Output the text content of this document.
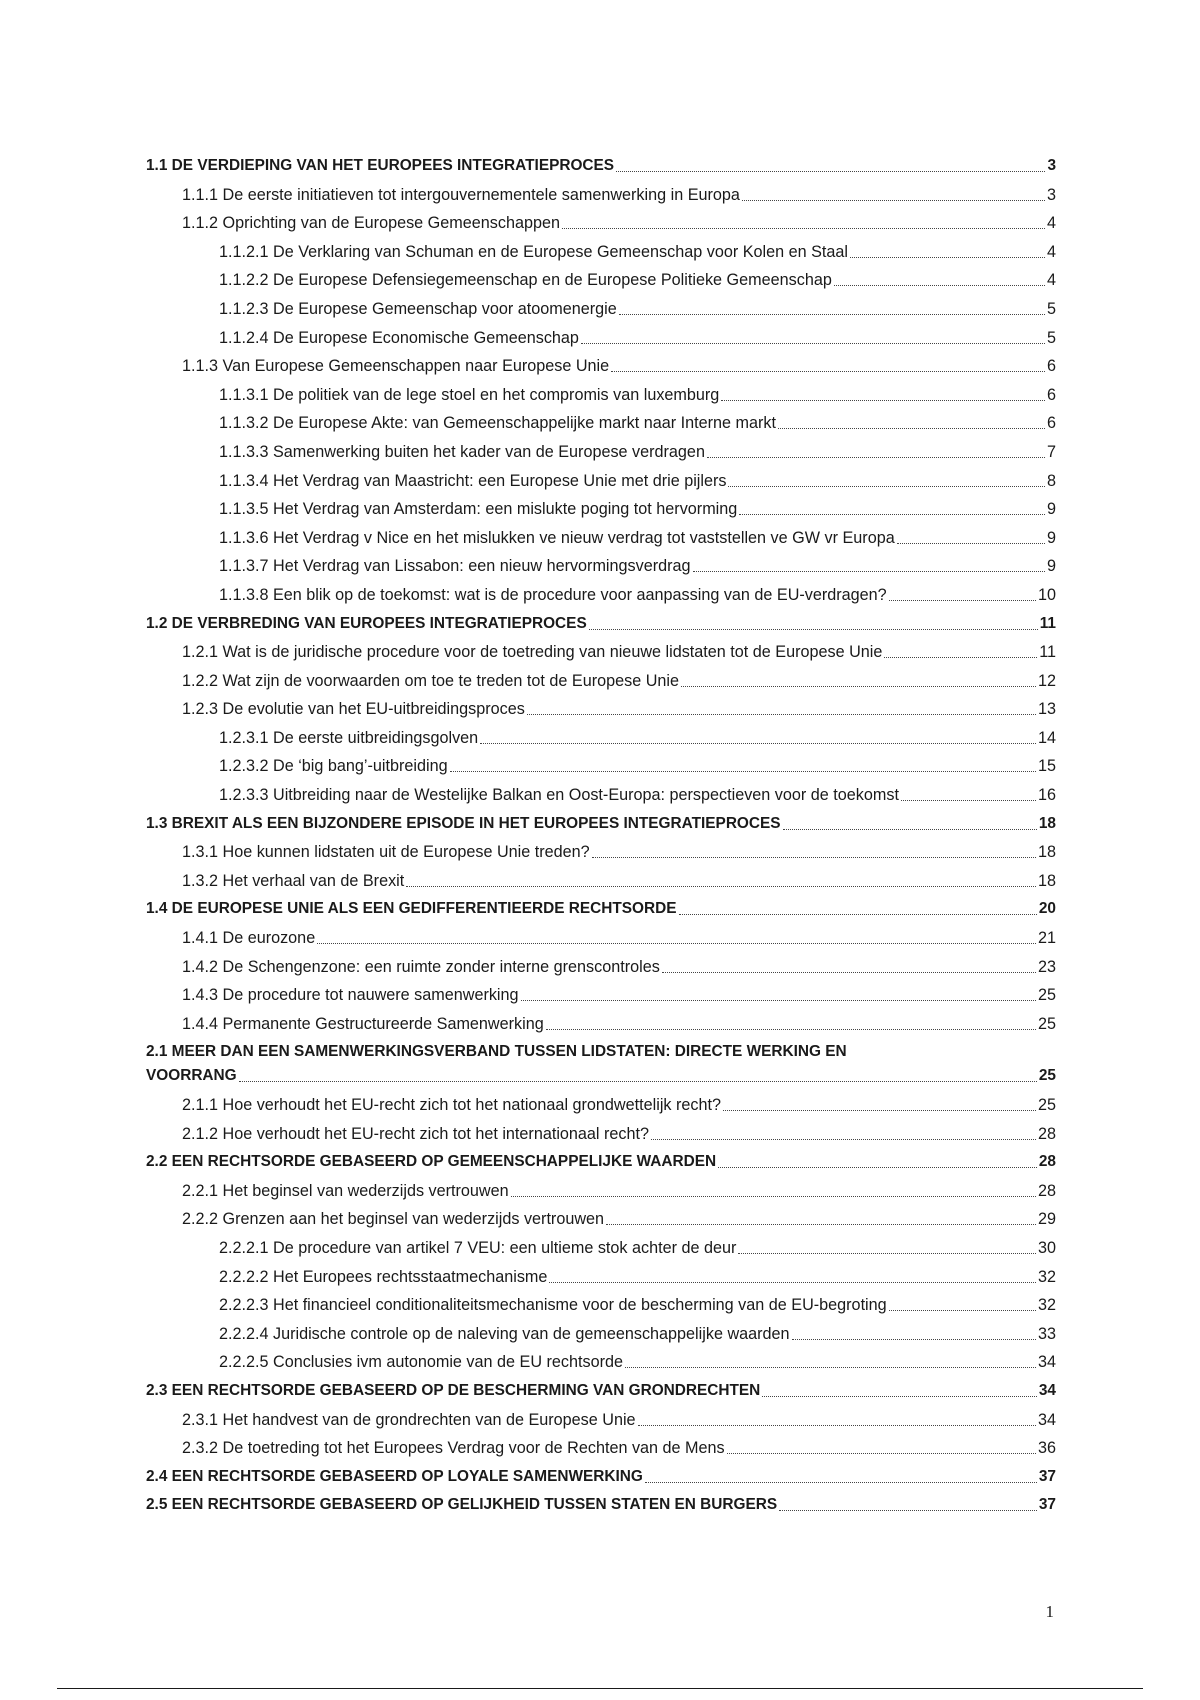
1.1 DE VERDIEPING VAN HET EUROPEES INTEGRATIEPROCES	3
1.1.1 De eerste initiatieven tot intergouvernementele samenwerking in Europa	3
1.1.2 Oprichting van de Europese Gemeenschappen	4
1.1.2.1 De Verklaring van Schuman en de Europese Gemeenschap voor Kolen en Staal	4
1.1.2.2 De Europese Defensiegemeenschap en de Europese Politieke Gemeenschap	4
1.1.2.3 De Europese Gemeenschap voor atoomenergie	5
1.1.2.4 De Europese Economische Gemeenschap	5
1.1.3 Van Europese Gemeenschappen naar Europese Unie	6
1.1.3.1 De politiek van de lege stoel en het compromis van luxemburg	6
1.1.3.2 De Europese Akte: van Gemeenschappelijke markt naar Interne markt	6
1.1.3.3 Samenwerking buiten het kader van de Europese verdragen	7
1.1.3.4 Het Verdrag van Maastricht: een Europese Unie met drie pijlers	8
1.1.3.5 Het Verdrag van Amsterdam: een mislukte poging tot hervorming	9
1.1.3.6 Het Verdrag v Nice en het mislukken ve nieuw verdrag tot vaststellen ve GW vr Europa	9
1.1.3.7 Het Verdrag van Lissabon: een nieuw hervormingsverdrag	9
1.1.3.8 Een blik op de toekomst: wat is de procedure voor aanpassing van de EU-verdragen?	10
1.2 DE VERBREDING VAN EUROPEES INTEGRATIEPROCES	11
1.2.1 Wat is de juridische procedure voor de toetreding van nieuwe lidstaten tot de Europese Unie	11
1.2.2 Wat zijn de voorwaarden om toe te treden tot de Europese Unie	12
1.2.3 De evolutie van het EU-uitbreidingsproces	13
1.2.3.1 De eerste uitbreidingsgolven	14
1.2.3.2 De ‘big bang’-uitbreiding	15
1.2.3.3 Uitbreiding naar de Westelijke Balkan en Oost-Europa: perspectieven voor de toekomst	16
1.3 BREXIT ALS EEN BIJZONDERE EPISODE IN HET EUROPEES INTEGRATIEPROCES	18
1.3.1 Hoe kunnen lidstaten uit de Europese Unie treden?	18
1.3.2 Het verhaal van de Brexit	18
1.4 DE EUROPESE UNIE ALS EEN GEDIFFERENTIEERDE RECHTSORDE	20
1.4.1 De eurozone	21
1.4.2 De Schengenzone: een ruimte zonder interne grenscontroles	23
1.4.3 De procedure tot nauwere samenwerking	25
1.4.4 Permanente Gestructureerde Samenwerking	25
2.1 MEER DAN EEN SAMENWERKINGSVERBAND TUSSEN LIDSTATEN: DIRECTE WERKING EN
VOORRANG	25
2.1.1 Hoe verhoudt het EU-recht zich tot het nationaal grondwettelijk recht?	25
2.1.2 Hoe verhoudt het EU-recht zich tot het internationaal recht?	28
2.2 EEN RECHTSORDE GEBASEERD OP GEMEENSCHAPPELIJKE WAARDEN	28
2.2.1 Het beginsel van wederzijds vertrouwen	28
2.2.2 Grenzen aan het beginsel van wederzijds vertrouwen	29
2.2.2.1 De procedure van artikel 7 VEU: een ultieme stok achter de deur	30
2.2.2.2 Het Europees rechtsstaatmechanisme	32
2.2.2.3 Het financieel conditionaliteitsmechanisme voor de bescherming van de EU-begroting	32
2.2.2.4 Juridische controle op de naleving van de gemeenschappelijke waarden	33
2.2.2.5 Conclusies ivm autonomie van de EU rechtsorde	34
2.3 EEN RECHTSORDE GEBASEERD OP DE BESCHERMING VAN GRONDRECHTEN	34
2.3.1 Het handvest van de grondrechten van de Europese Unie	34
2.3.2 De toetreding tot het Europees Verdrag voor de Rechten van de Mens	36
2.4 EEN RECHTSORDE GEBASEERD OP LOYALE SAMENWERKING	37
2.5 EEN RECHTSORDE GEBASEERD OP GELIJKHEID TUSSEN STATEN EN BURGERS	37
1
